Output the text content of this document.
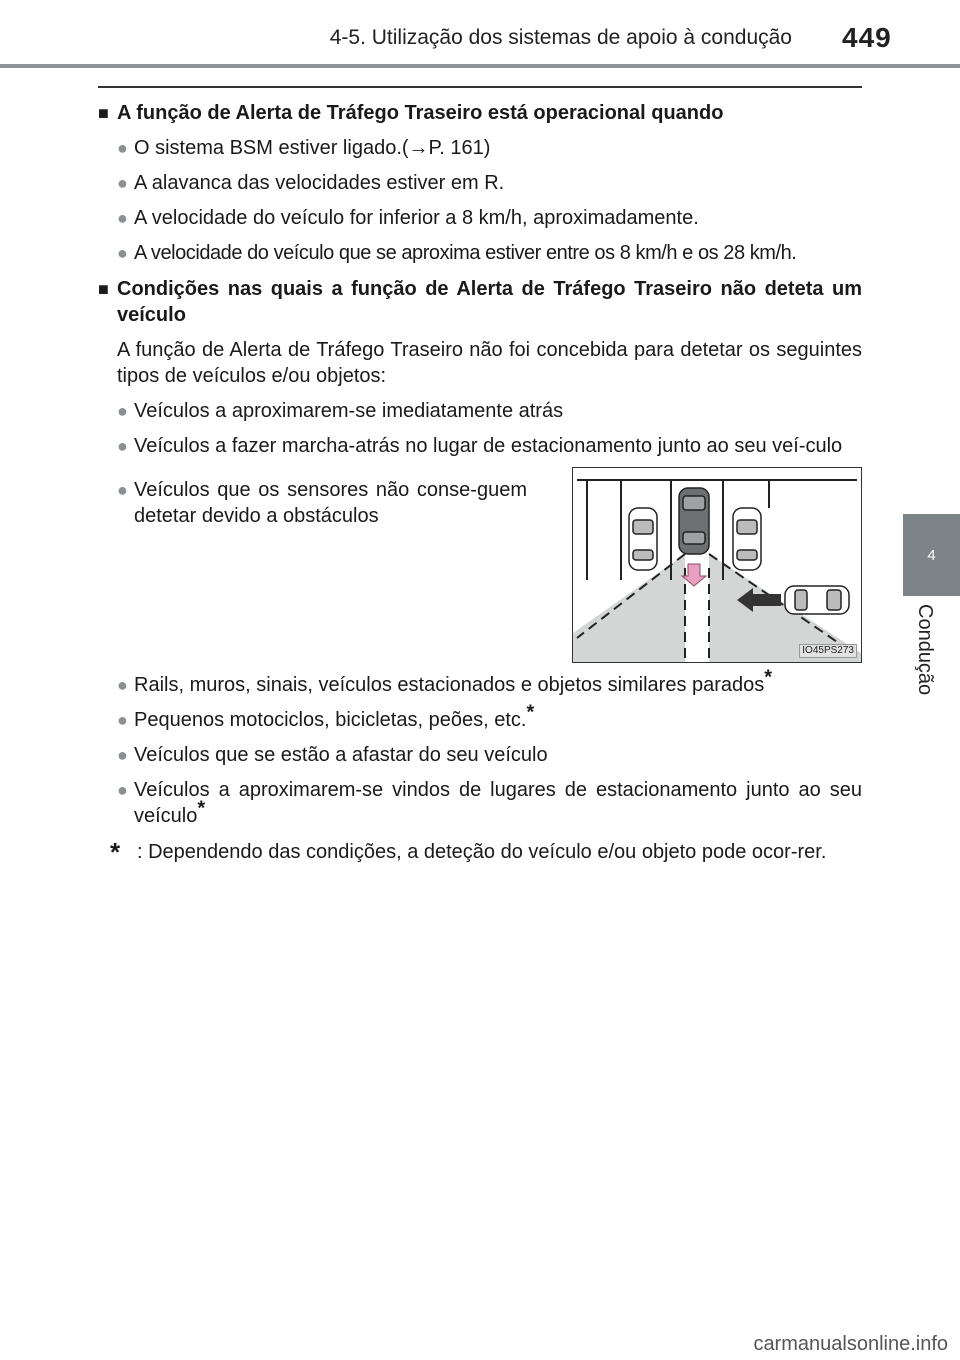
4-5. Utilização dos sistemas de apoio à condução 449
4
Condução
■ A função de Alerta de Tráfego Traseiro está operacional quando
● O sistema BSM estiver ligado.(→P. 161)
● A alavanca das velocidades estiver em R.
● A velocidade do veículo for inferior a 8 km/h, aproximadamente.
● A velocidade do veículo que se aproxima estiver entre os 8 km/h e os 28 km/h.
■ Condições nas quais a função de Alerta de Tráfego Traseiro não deteta um veículo
A função de Alerta de Tráfego Traseiro não foi concebida para detetar os seguintes tipos de veículos e/ou objetos:
● Veículos a aproximarem-se imediatamente atrás
● Veículos a fazer marcha-atrás no lugar de estacionamento junto ao seu veí-culo
● Veículos que os sensores não conse-guem detetar devido a obstáculos
IO45PS273
● Rails, muros, sinais, veículos estacionados e objetos similares parados*
● Pequenos motociclos, bicicletas, peões, etc.*
● Veículos que se estão a afastar do seu veículo
● Veículos a aproximarem-se vindos de lugares de estacionamento junto ao seu veículo*
* : Dependendo das condições, a deteção do veículo e/ou objeto pode ocor-rer.
carmanualsonline.info
